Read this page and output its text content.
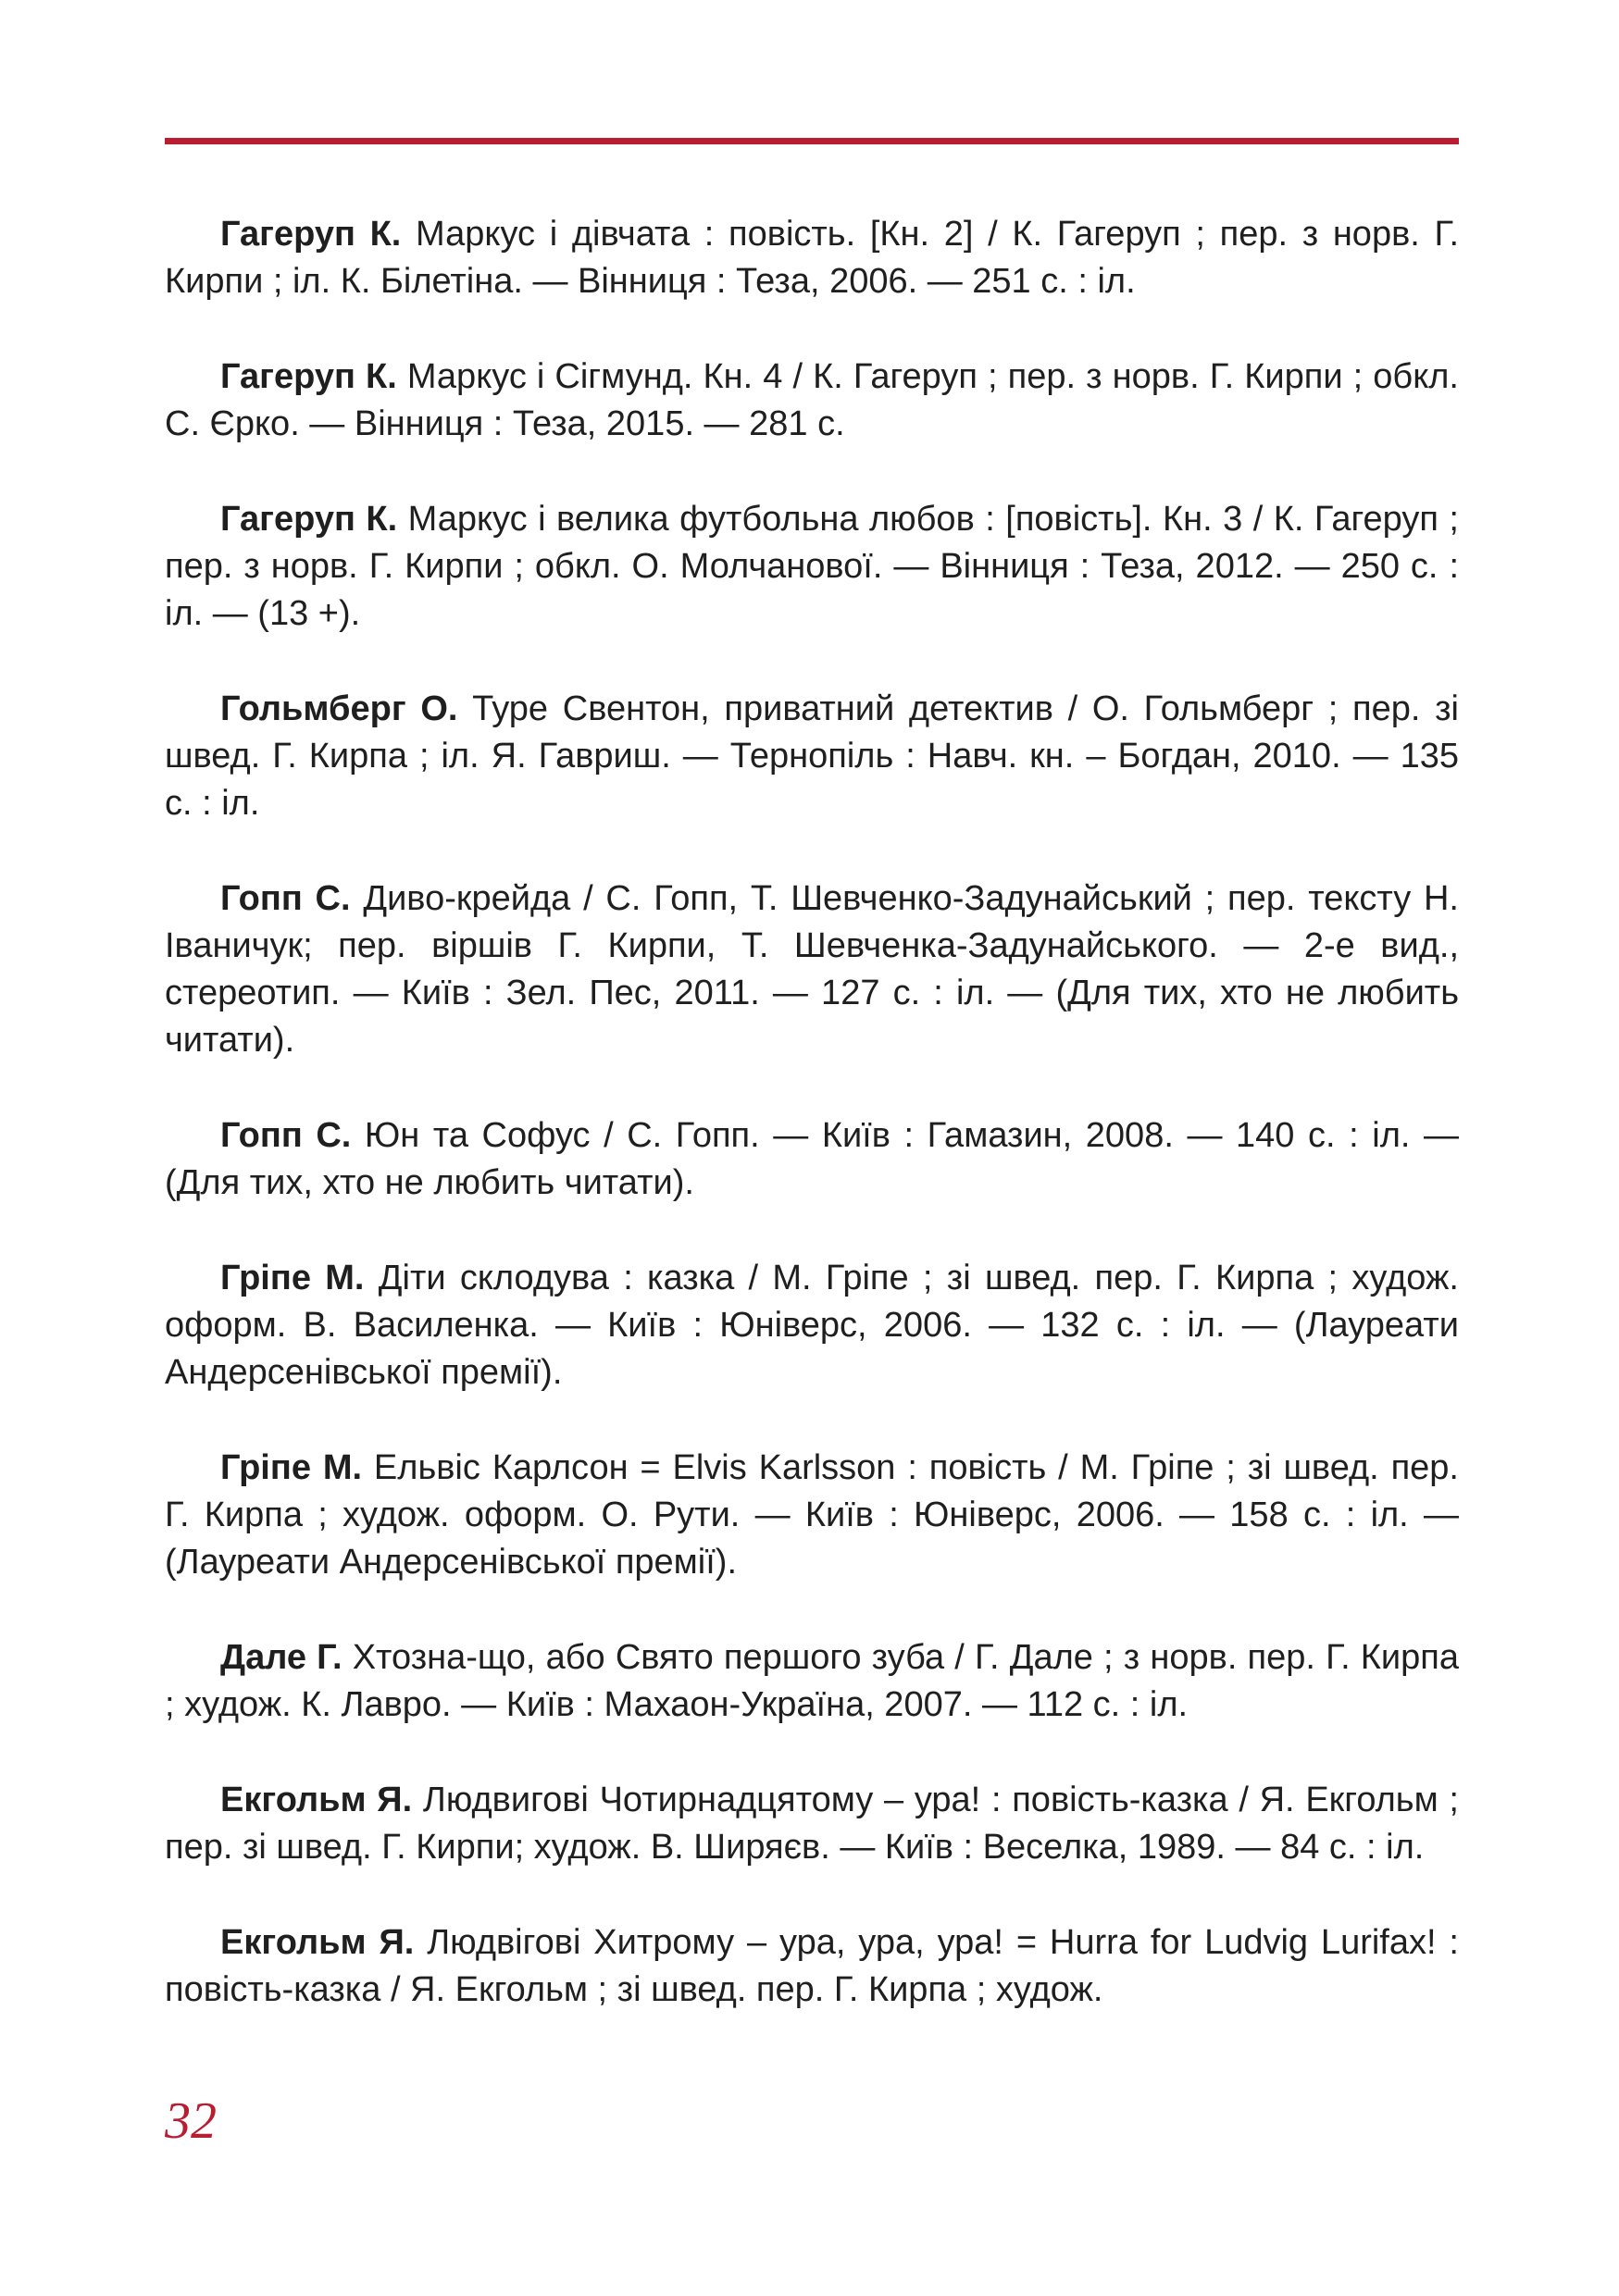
Гагеруп К. Маркус і дівчата : повість. [Кн. 2] / К. Гагеруп ; пер. з норв. Г. Кирпи ; іл. К. Білетіна. — Вінниця : Теза, 2006. — 251 с. : іл.

Гагеруп К. Маркус і Сігмунд. Кн. 4 / К. Гагеруп ; пер. з норв. Г. Кирпи ; обкл. С. Єрко. — Вінниця : Теза, 2015. — 281 с.

Гагеруп К. Маркус і велика футбольна любов : [повість]. Кн. 3 / К. Гагеруп ; пер. з норв. Г. Кирпи ; обкл. О. Молчанової. — Вінниця : Теза, 2012. — 250 с. : іл. — (13 +).

Гольмберг О. Туре Свентон, приватний детектив / О. Гольмберг ; пер. зі швед. Г. Кирпа ; іл. Я. Гавриш. — Тернопіль : Навч. кн. – Богдан, 2010. — 135 с. : іл.

Гопп С. Диво-крейда / С. Гопп, Т. Шевченко-Задунайський ; пер. тексту Н. Іваничук; пер. віршів Г. Кирпи, Т. Шевченка-Задунайського. — 2-е вид., стереотип. — Київ : Зел. Пес, 2011. — 127 с. : іл. — (Для тих, хто не любить читати).

Гопп С. Юн та Софус / С. Гопп. — Київ : Гамазин, 2008. — 140 с. : іл. — (Для тих, хто не любить читати).

Гріпе М. Діти склодува : казка / М. Гріпе ; зі швед. пер. Г. Кирпа ; худож. оформ. В. Василенка. — Київ : Юніверс, 2006. — 132 с. : іл. — (Лауреати Андерсенівської премії).

Гріпе М. Ельвіс Карлсон = Elvis Karlsson : повість / М. Гріпе ; зі швед. пер. Г. Кирпа ; худож. оформ. О. Рути. — Київ : Юніверс, 2006. — 158 с. : іл. — (Лауреати Андерсенівської премії).

Дале Г. Хтозна-що, або Свято першого зуба / Г. Дале ; з норв. пер. Г. Кирпа ; худож. К. Лавро. — Київ : Махаон-Україна, 2007. — 112 с. : іл.

Екгольм Я. Людвигові Чотирнадцятому – ура! : повість-казка / Я. Екгольм ; пер. зі швед. Г. Кирпи; худож. В. Ширяєв. — Київ : Веселка, 1989. — 84 с. : іл.

Екгольм Я. Людвігові Хитрому – ура, ура, ура! = Hurra for Ludvig Lurifax! : повість-казка / Я. Екгольм ; зі швед. пер. Г. Кирпа ; худож.

32
